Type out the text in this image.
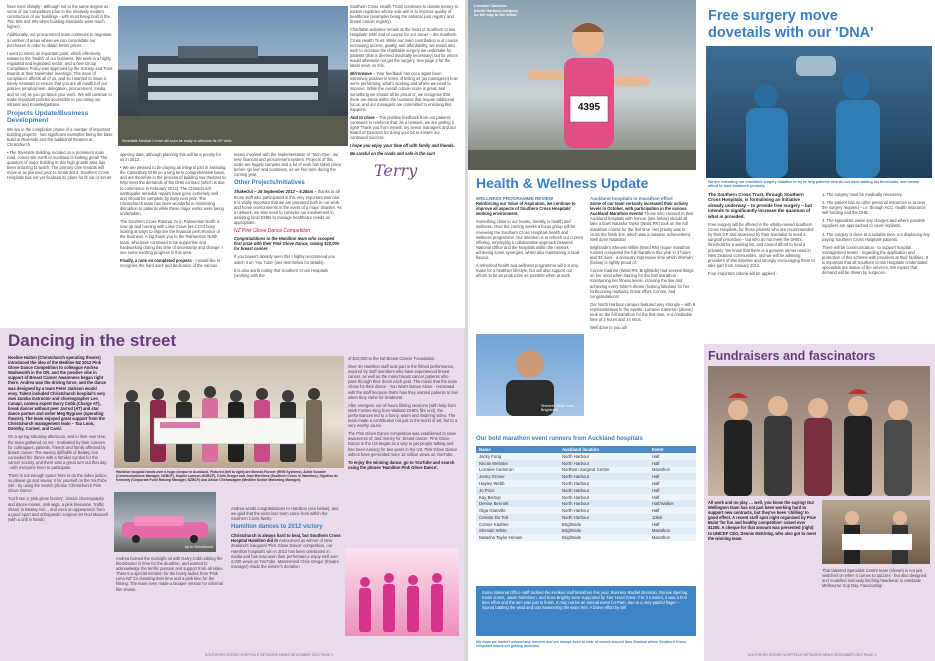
Silverdale Medical Centre will soon be ready to welcome its GP clinic.

have risen sharply - although not to the same degree as some of our competitors (due to the relatively modern construction of our buildings - with most being built in the 70s, 80s and 90s when building standards were much higher).

Additionally, our procurement team continues to negotiate a number of areas where we can consolidate our purchases in order to obtain better prices.

I want to stress an important point, which effectively relates to the 'health' of our business. We work in a highly regulated and legislated sector, and a new Group Compliance Policy was approved by the Society and Trust Boards at their November meetings. The issue of compliance affects all of us, and so I wanted to issue a timely reminder to ensure that you are all mindful of our policies (employment, delegation, procurement, media, and so on) as you go about your work. We will continue to make important policies accessible to you using our intranet and KnowledgeBase.

Projects Update/Business Development

We are in the completion phase of a number of important building projects - two significant examples being the base build at Riverside and the additional theatres at Christchurch.

• The Riverside building, located on a prominent main road, corner site north of Auckland is looking great! The quantum of major building in this high growth area has been amazing to watch. The primary care tenants will move in as planned prior to Xmas 2012. Southern Cross Hospitals has not yet finalised its plans for fit out or set an

opening date, although planning this will be a priority for us in 2013.

• We are pleased to be playing an integral part in assisting the Canterbury DHB on a long term comprehensive basis, and are therefore in the process of building two theatres to help meet the demands of the DHB contract (which is due to commence in February 2013). The Christchurch earthquake remedial repairs have gone extremely well and should be complete by early next year. The Christchurch team has been wonderful in minimising disruption to patients while these major works were being undertaken.

The Southern Cross Rotorua JV in Palmerston North is now up and running with Lima Grove (as CCO) busy looking at ways to improve the financial performance of the business. A big thank you to the Palmerston North team, who have continued to be supportive and hardworking during this time of uncertainty and change. I see some exciting progress in this area.

Finally, a note on completed projects - I would like to recognise the hard work and dedication of the various

teams involved with the implementation of 'Tech-One', our new financial and procurement system. Projects of this scale are hugely complex and a lot of work has taken place before 'go live' and continues, as we fine tune during the coming year.

Other Projects/Initiatives

ShakeOut – 26 September 2012 – 9.26am – thanks to all those staff who participated in this very important exercise. It is vitally important that we are prepared both in our work and home environments in the event of a major disaster. As a network, we also need to consider our involvement in assisting local DHBs to manage healthcare needs as appropriate.

NZ Pink Glove Dance Competition

Congratulations to the Hamilton team who scooped first prize with their Pink Glove Dance, raising $10,000 for breast cancer.

If you haven't already seen this I highly recommend you watch it on 'You Tube' (see item below for details).

It is also worth noting that Southern Cross Hospitals (working with the

Southern Cross Health Trust) continues to donate money to patient registries whose sole aim is to improve quality of healthcare (examples being the national joint registry and breast cancer registry).

Charitable activities remain at the heart of Southern Cross Hospitals' DNA and of course for our owner – the Southern Cross Health Trust. While our main contribution is of course increasing access, quality, and affordability, we would also wish to increase the charitable surgery we undertake for patients (that is deemed medically necessary) but for whom would otherwise not get the surgery. See page 3 for the latest news on this.

Mirrorwave – Your feedback has once again been extremely positive in terms of telling us (as managers!) how we're performing, what's working and where we need to improve. While the overall culture score is great, and something we should all be proud of, we recognise that there are areas within the business that require additional focus, and our managers are committed to ensuring this happens.

And to close – The positive feedback from our patients continues to reinforce that, as a network, we are getting it right! Thank you from myself, my senior managers and our Board of Directors for doing your bit to ensure our continued success.

I hope you enjoy your time off with family and friends.

Be careful on the roads and safe in the sun!

Terry
Dancing in the street

Noeline Hulton (Christchurch operating theatre) introduced the idea of the Medline NZ 2012 Pink Glove Dance Competition to colleague Andrea Wadsworth in the OR, and the positive vibe in support of Breast Cancer Awareness began right there. Andrea was the driving force, and the dance was designed by a team Peter Jackson would envy. Talent included Christchurch hospital's very own Zumba instructor and choreographer Leo Canapi, camera expert Garry Cobb (Charge AT), break dancer without peer Jarrod (AT) and star dance partner and writer Meg Bygrave (operating theatre). The team enjoyed great support from the Christchurch management team – Tau Loon, Dorothy, Carmel, and Carol.

On a spring Saturday afternoon, and in their own time, the team gathered on set - motivated by their concern for colleagues, patients, friends and family affected by breast cancer. The waving daffodils of Bealey Ave conceded the dance with a familiar symbol for the cancer society, and there was a great turn out that day - with everyone keen to participate.

There is not enough space here to do the video justice, so please go and savour it for yourself on the YouTube site - by using the search phrase 'Christchurch Pink Glove Dance'.

You'll see a 'pink glove factory', classic choreography and dance moves, pink wigs, a pink limousine, 'traffic chaos' in Bealey Ave... and even an appearance from a good sport and orthopaedic surgeon Mr Rod Maxwell (with a drill in hand!).

Hamilton hospital hands over a huge cheque in Auckland. Pictured (left to right) are Brenda Forster (REM Systems), Adele Souster (Communications Manager, NZBCF), Sophie Lawson (NZBCF), Chris Gregor and Jean Merrilees (Southern Cross in Hamilton), Sigrdiso de Kennedy (Corporate Fund Raising Manager, NZBCF) and Alison Chelvasagam (Medline Senior Marketing Manager).
Up to Christchurch

Andrea burned the midnight oil with Garry Cobb editing the blockbuster in time for the deadline, and wanted to acknowledge the terrific passion and support from all sides. There's a special mention for the lovely ladies from 'Pink Limo NZ' for donating their time and a pink limo for the filming. The team even made a blooper version for informal film shows.

Andrea sends congratulations to Hamilton (see below), and we glad that the victorious team came from within the Southern Cross family.

Hamilton dances to 2012 victory

Christchurch is always hard to beat, but Southern Cross Hospital Hamilton did it! Announced as winner of New Zealand's inaugural 'Pink Glove Dance' competition, our Hamilton hospital's win in 2012 has been celebrated in media and has now seen their performance enjoy well over 2,000 views on YouTube. Mastermind Chris Gregor (theatre manager) made the winner's donation

of $10,000 to the NZ Breast Cancer Foundation.

Over 30 Hamilton staff took part in the filmed performance, inspired by staff members who have experienced breast cancer, as well as the many breast cancer patients who pass through their doors each year. The music that the team chose for their dance - You Won't Dance Alone - resonated with the staff because that's how they wanted patients to feel when they came for treatment.

After energetic out-of-hours filming sessions (with help from Mark Forster-King from Waikato DHB's film unit), the performances led to a funny, warm and inspiring video. The team made a contribution not just to the world of art, but to a very worthy cause.

The Pink Glove Dance competition was established to raise awareness of, and money for, breast cancer. Pink Glove Dance in the US began as a way to get people talking and has been running for two years in the US. Pink Glove Dance videos have generated more 13 million views on YouTube.

To enjoy the winning dance, go to YouTube and search using the phrase 'Hamilton Pink Glove Dance'.

SOUTHERN CROSS HOSPITALS NETWORK NEWS DECEMBER 2012 PAGE 2
4395
Lorraine Cameron
(North Harbour campus)
on her way to the finish.
Health & Wellness Update
WELLNESS PROGRAMME REVIEW

Reinforcing our Value of Aspiration, we continue to improve all aspects of Southern Cross Hospitals' working environment.

Something close to our hearts, literally, is health and wellness. Over the coming weeks a focus group will be reviewing the Southern Cross Hospitals health and wellness programme. Our intention is to refresh our current offering, employing a collaborative approach between National Office and the hospitals within the network - achieving some synergies, whilst also maintaining a local flavour.

A refreshed health and wellness programme will not only make for a healthier lifestyle, but will also support our efforts to be as productive as possible when at work.

Sherwin White from Brightside.
Auckland hospitals in marathon effort

Some of our team certainly increased their activity levels in October, with participation in the various Auckland Marathon events! Those who crossed to their Auckland hospitals with honour (see below) should all take a bow! Natasha Taylor (Ward RN) took on the full marathon course for the first time. Her priority was to cross the finish line, which was a massive achievement. Well done Natasha!

Brightside's Sherwin White (Ward RN) (super marathon runner) completed the full marathon this year in 3 hours and 33 mins - a seriously impressive time which Sherwin (below) is rightly proud of.

Connie Kadrine (Ward RN, Brightside) had several things on her mind when training for the half marathon - maintaining her fitness levels, crossing the line and achieving every bride's dream (looking fabulous for her forthcoming nuptials). Great effort, Connie, and congratulations!

Our North Harbour campus featured very strongly – with 8 representatives in the events. Lorraine Cameron (above) took on the full marathon for the first time, in a creditable time of 4 hours and 34 mins.

Well done to you all!

Our bold marathon event runners from Auckland hospitals
Name	Auckland location	Event
Jacky Fong	North Harbour	Half
Nicola Webster	North Harbour	Half
Lorraine Cameron	Northern Surgical Centre	Marathon
Jonny Grover	North Harbour	Half
Hayley Webb	North Harbour	Half
Jo Price	North Harbour	Half
Kay Bishop	North Harbour	Half
Denise Bennett	North Harbour	Half/Walker
Olga Glanville	North Harbour	Half
Celeste Du Toit	North Harbour	10km
Connie Kadrine	Brightside	Half
Sherwin White	Brightside	Marathon
Natasha Taylor-Hirown	Brightside	Marathon

Some National Office staff tackled the Kerikeri Half Marathon this year. Runners Rachel Brennan, Ronnie Bjerring, Kevin Jones, Jason Nicholson, and Kora Brightly were supported by 'Her Hood Crew'. For 3 runners, it was a first time effort and the aim was just to finish. It may not be an annual event for Pam, due to a very painful finger – injured battling the wind and rain hammering the team tent. A brave effort by all!

We hope we haven't missed any runners and are always keen to hear of events around New Zealand where Southern Cross Hospitals teams are getting involved.
Free surgery move
dovetails with our 'DNA'
We are extending our charitable surgery initiative to try to help patients who do not meet waiting list thresholds, and cannot afford to fund treatment privately.

The Southern Cross Trust, through Southern Cross Hospitals, is formalising an initiative already underway – to provide free surgery – but intends to significantly increase the quantum of what is provided.

Free surgery will be offered in the wholly-owned Southern Cross Hospitals, for those patients who are recommended by their GP and assessed by their specialist to need a surgical procedure - but who do not meet the DHB's threshold for a waiting list, and cannot afford to fund it privately. We know that there is a genuine unmet need in New Zealand communities, and we will be advising providers of this initiative and strongly encouraging them to take part from January 2013.

Four important criteria will be applied -

1. The surgery must be medically necessary.

2. The patient has no other personal resources to access the surgery required – i.e. through ACC, health insurance, self-funding and the DHB.

3. The specialists waive any charges and where possible suppliers are approached to cover implants.

4. The surgery is done at a suitable time, not displacing any paying Southern Cross Hospitals patients.

There will be communication - to support hospital management teams - regarding the application and promotion of this scheme with providers at their facilities. It is important that all Southern Cross Hospitals credentialed specialists are aware of the services. We expect that demand will be driven by surgeons.

Fundraisers and fascinators

All work and no play … well, you know the saying! Our Wellington team has not just been working hard to support new contracts, but they've been 'chilling' to good effect. A recent staff spot night organised by Prue Bulat 'for fun and healthy competition' raised over $1300. A cheque for that amount was presented (right) to UNICEF CEO, Dennis McKinlay, who also got to meet the winning team.

That talented Specialist Centre team (shown) is not just switched on when it comes to quizzes - but also designed and modelled seriously fetching headwear to celebrate Melbourne Cup Day. Fascinating!

SOUTHERN CROSS HOSPITALS NETWORK NEWS DECEMBER 2012 PAGE 3
